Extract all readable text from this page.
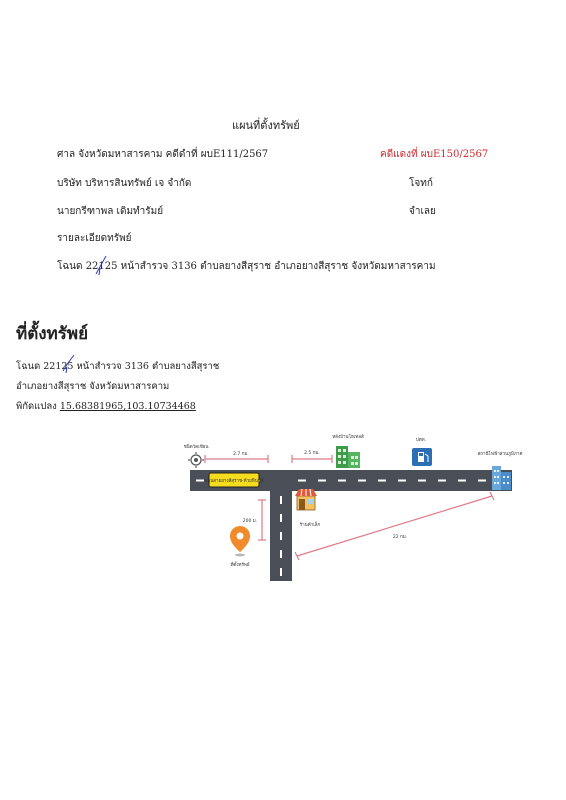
แผนที่ตั้งทรัพย์
ศาล จังหวัดมหาสารคาม คดีดำที่ ผบE111/2567	คดีแดงที่ ผบE150/2567
บริษัท บริหารสินทรัพย์ เจ จำกัด	โจทก์
นายกรีฑาพล เดิมทำรัมย์	จำเลย
รายละเอียดทรัพย์
โฉนด 22125 หน้าสำรวจ 3136 ตำบลยางสีสุราช อำเภอยางสีสุราช จังหวัดมหาสารคาม
ที่ตั้งทรัพย์
โฉนด 22125 หน้าสำรวจ 3136 ตำบลยางสีสุราช
อำเภอยางสีสุราช จังหวัดมหาสารคาม
พิกัดแปลง 15.68381965,103.10734468
ถนนสายยางสีสุราช-ห้วยหินทูลิ
2.7 กม.	2.5 กม.
200 ม.
22 กม.
ชนิดวัดเขียน
หลังบ้านโฮเทลส์
ปตท.
สถานีไฟฟ้าส่วนภูมิภาค
ร้านค้าเล็ก
ที่ตั้งทรัพย์
